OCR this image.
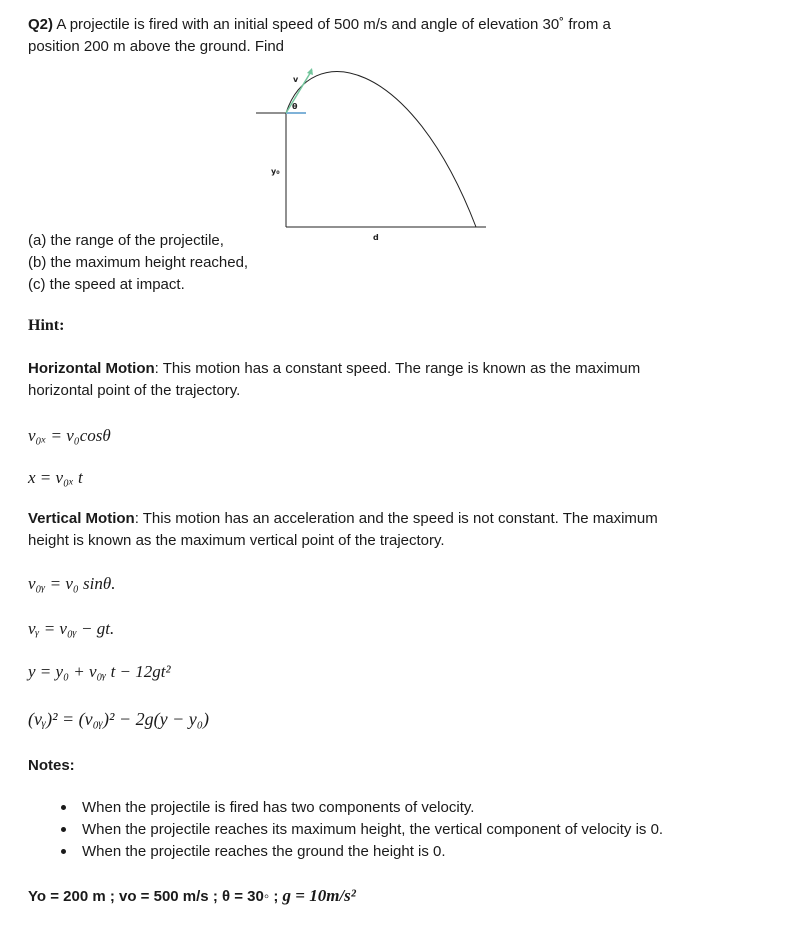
Q2) A projectile is fired with an initial speed of 500 m/s and angle of elevation 30˚ from a
position 200 m above the ground. Find
v
θ
y₀
d
(a) the range of the projectile,
(b) the maximum height reached,
(c) the speed at impact.
Hint:
Horizontal Motion: This motion has a constant speed. The range is known as the maximum
horizontal point of the trajectory.
v₀ₓ = v₀cosθ
x = v₀ₓ t
Vertical Motion: This motion has an acceleration and the speed is not constant. The maximum
height is known as the maximum vertical point of the trajectory.
v₀ᵧ = v₀ sinθ.
vᵧ = v₀ᵧ − gt.
y = y₀ + v₀ᵧ t − 12gt²
(vᵧ)² = (v₀ᵧ)² − 2g(y − y₀)
Notes:
When the projectile is fired has two components of velocity.
When the projectile reaches its maximum height, the vertical component of velocity is 0.
When the projectile reaches the ground the height is 0.
Yo = 200 m ; vo = 500 m/s ; θ = 30◦ ; g = 10m/s²
